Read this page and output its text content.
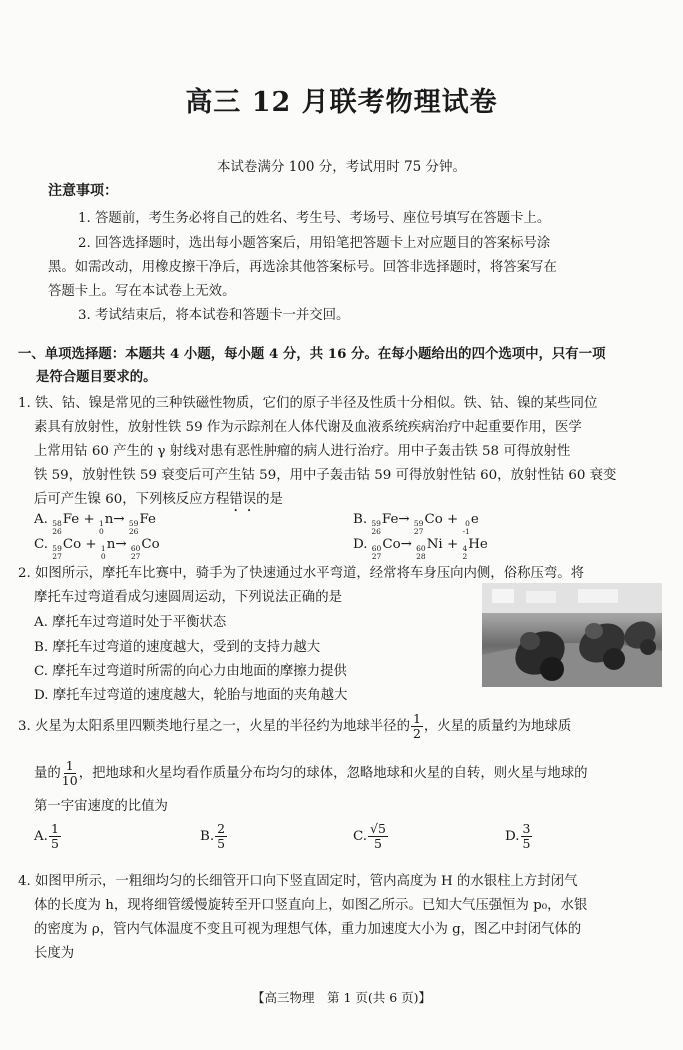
高三 12 月联考物理试卷
本试卷满分 100 分，考试用时 75 分钟。
注意事项：
1. 答题前，考生务必将自己的姓名、考生号、考场号、座位号填写在答题卡上。
2. 回答选择题时，选出每小题答案后，用铅笔把答题卡上对应题目的答案标号涂
黑。如需改动，用橡皮擦干净后，再选涂其他答案标号。回答非选择题时，将答案写在
答题卡上。写在本试卷上无效。
3. 考试结束后，将本试卷和答题卡一并交回。
一、单项选择题：本题共 4 小题，每小题 4 分，共 16 分。在每小题给出的四个选项中，只有一项
是符合题目要求的。
1. 铁、钴、镍是常见的三种铁磁性物质，它们的原子半径及性质十分相似。铁、钴、镍的某些同位
素具有放射性，放射性铁 59 作为示踪剂在人体代谢及血液系统疾病治疗中起重要作用，医学
上常用钴 60 产生的 γ 射线对患有恶性肿瘤的病人进行治疗。用中子轰击铁 58 可得放射性
铁 59，放射性铁 59 衰变后可产生钴 59，用中子轰击钴 59 可得放射性钴 60，放射性钴 60 衰变
后可产生镍 60，下列核反应方程错误的是
A. 58
26
Fe + 1
0
n→ 59
26
Fe	B. 59
26
Fe→ 59
27
Co + 0
-1
e
C. 59
27
Co + 1
0
n→ 60
27
Co	D. 60
27
Co→ 60
28
Ni + 4
2
He
2. 如图所示，摩托车比赛中，骑手为了快速通过水平弯道，经常将车身压向内侧，俗称压弯。将
摩托车过弯道看成匀速圆周运动，下列说法正确的是
A. 摩托车过弯道时处于平衡状态
B. 摩托车过弯道的速度越大，受到的支持力越大
C. 摩托车过弯道时所需的向心力由地面的摩擦力提供
D. 摩托车过弯道的速度越大，轮胎与地面的夹角越大
3. 火星为太阳系里四颗类地行星之一，火星的半径约为地球半径的 $\frac{1}{2}$ ，火星的质量约为地球质
量的 $\frac{1}{10}$ ，把地球和火星均看作质量分布均匀的球体，忽略地球和火星的自转，则火星与地球的
第一宇宙速度的比值为
A. $\frac{1}{5}$	B. $\frac{2}{5}$	C. $\frac{√5}{5}$	D. $\frac{3}{5}$
4. 如图甲所示，一粗细均匀的长细管开口向下竖直固定时，管内高度为 H 的水银柱上方封闭气
体的长度为 h，现将细管缓慢旋转至开口竖直向上，如图乙所示。已知大气压强恒为 p₀，水银
的密度为 ρ，管内气体温度不变且可视为理想气体，重力加速度大小为 g，图乙中封闭气体的
长度为
【高三物理　第 1 页(共 6 页)】
